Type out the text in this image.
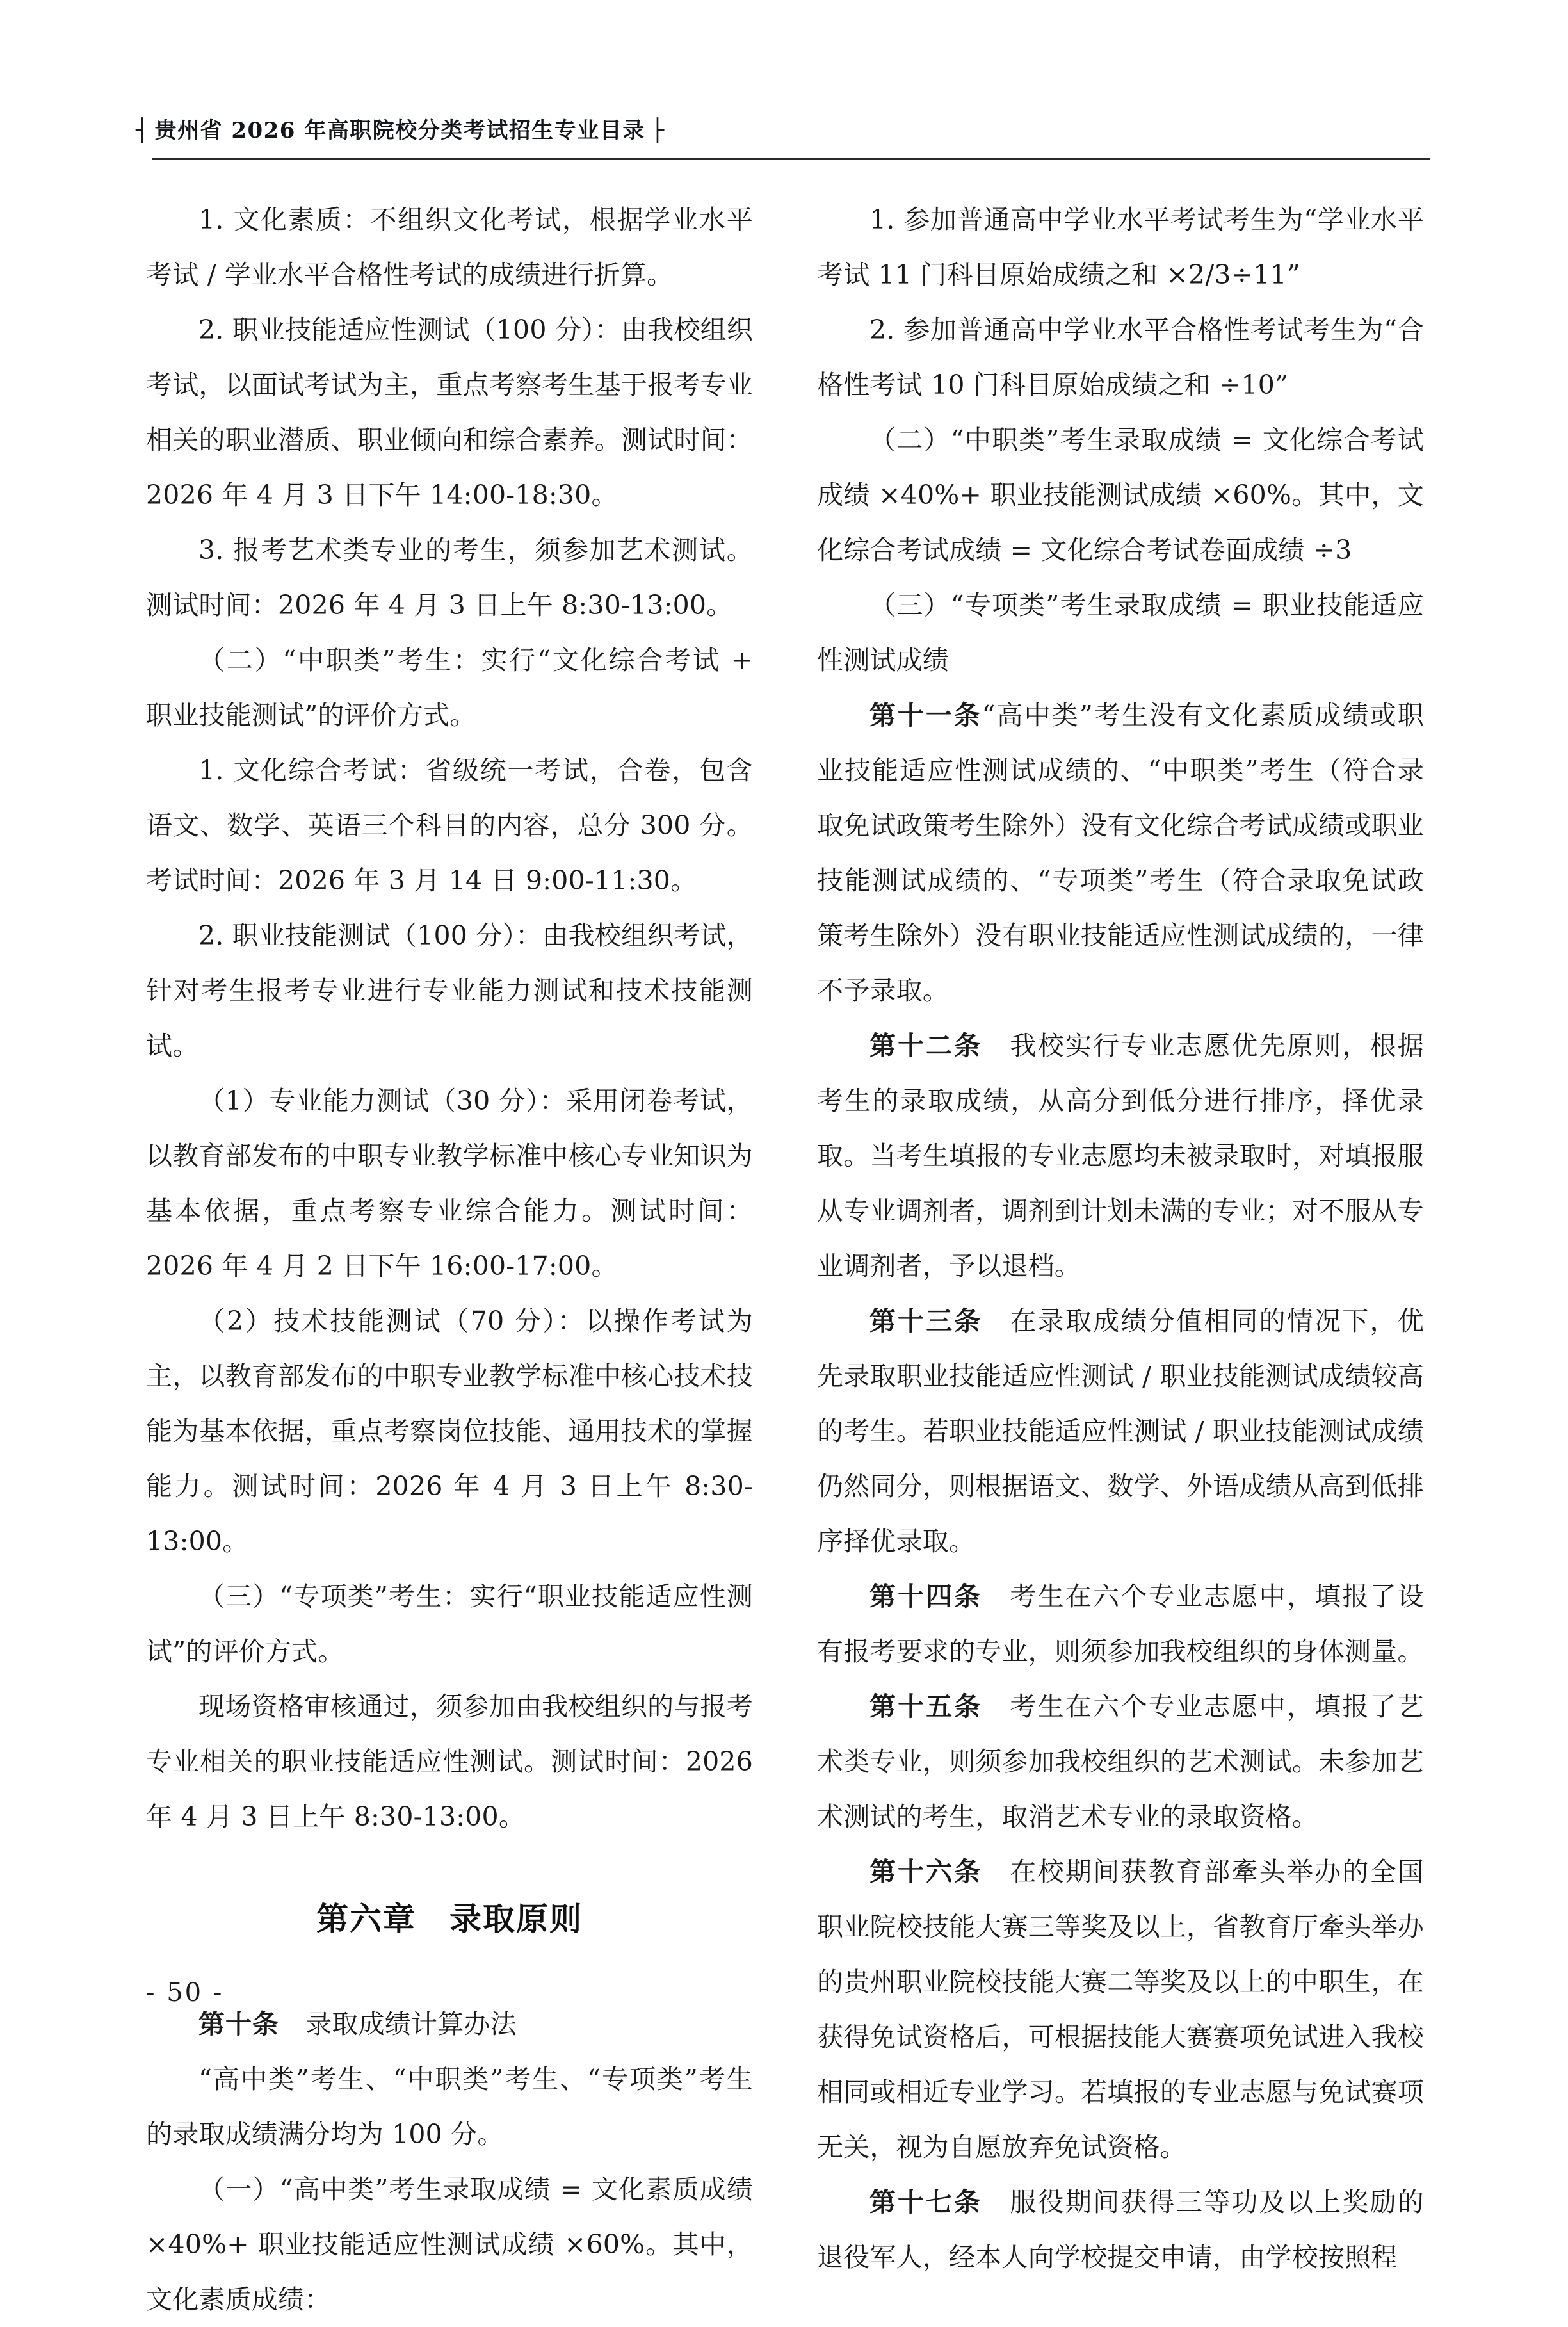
┤ 贵州省 2026 年高职院校分类考试招生专业目录 ├

1. 文化素质：不组织文化考试，根据学业水平考试 / 学业水平合格性考试的成绩进行折算。

2. 职业技能适应性测试（100 分）：由我校组织考试，以面试考试为主，重点考察考生基于报考专业相关的职业潜质、职业倾向和综合素养。测试时间：2026 年 4 月 3 日下午 14:00-18:30。

3. 报考艺术类专业的考生，须参加艺术测试。测试时间：2026 年 4 月 3 日上午 8:30-13:00。

（二）“中职类”考生：实行“文化综合考试 + 职业技能测试”的评价方式。

1. 文化综合考试：省级统一考试，合卷，包含语文、数学、英语三个科目的内容，总分 300 分。考试时间：2026 年 3 月 14 日 9:00-11:30。

2. 职业技能测试（100 分）：由我校组织考试，针对考生报考专业进行专业能力测试和技术技能测试。

（1）专业能力测试（30 分）：采用闭卷考试，以教育部发布的中职专业教学标准中核心专业知识为基本依据，重点考察专业综合能力。测试时间：2026 年 4 月 2 日下午 16:00-17:00。

（2）技术技能测试（70 分）：以操作考试为主，以教育部发布的中职专业教学标准中核心技术技能为基本依据，重点考察岗位技能、通用技术的掌握能力。测试时间：2026 年 4 月 3 日上午 8:30-13:00。

（三）“专项类”考生：实行“职业技能适应性测试”的评价方式。

现场资格审核通过，须参加由我校组织的与报考专业相关的职业技能适应性测试。测试时间：2026 年 4 月 3 日上午 8:30-13:00。

第六章　录取原则

第十条　录取成绩计算办法

“高中类”考生、“中职类”考生、“专项类”考生的录取成绩满分均为 100 分。

（一）“高中类”考生录取成绩 = 文化素质成绩 ×40%+ 职业技能适应性测试成绩 ×60%。其中，文化素质成绩：

1. 参加普通高中学业水平考试考生为“学业水平考试 11 门科目原始成绩之和 ×2/3÷11”

2. 参加普通高中学业水平合格性考试考生为“合格性考试 10 门科目原始成绩之和 ÷10”

（二）“中职类”考生录取成绩 = 文化综合考试成绩 ×40%+ 职业技能测试成绩 ×60%。其中，文化综合考试成绩 = 文化综合考试卷面成绩 ÷3

（三）“专项类”考生录取成绩 = 职业技能适应性测试成绩

第十一条“高中类”考生没有文化素质成绩或职业技能适应性测试成绩的、“中职类”考生（符合录取免试政策考生除外）没有文化综合考试成绩或职业技能测试成绩的、“专项类”考生（符合录取免试政策考生除外）没有职业技能适应性测试成绩的，一律不予录取。

第十二条　我校实行专业志愿优先原则，根据考生的录取成绩，从高分到低分进行排序，择优录取。当考生填报的专业志愿均未被录取时，对填报服从专业调剂者，调剂到计划未满的专业；对不服从专业调剂者，予以退档。

第十三条　在录取成绩分值相同的情况下，优先录取职业技能适应性测试 / 职业技能测试成绩较高的考生。若职业技能适应性测试 / 职业技能测试成绩仍然同分，则根据语文、数学、外语成绩从高到低排序择优录取。

第十四条　考生在六个专业志愿中，填报了设有报考要求的专业，则须参加我校组织的身体测量。

第十五条　考生在六个专业志愿中，填报了艺术类专业，则须参加我校组织的艺术测试。未参加艺术测试的考生，取消艺术专业的录取资格。

第十六条　在校期间获教育部牽头举办的全国职业院校技能大赛三等奖及以上，省教育厅牽头举办的贵州职业院校技能大赛二等奖及以上的中职生，在获得免试资格后，可根据技能大赛赛项免试进入我校相同或相近专业学习。若填报的专业志愿与免试赛项无关，视为自愿放弃免试资格。

第十七条　服役期间获得三等功及以上奖励的退役军人，经本人向学校提交申请，由学校按照程

- 50 -
